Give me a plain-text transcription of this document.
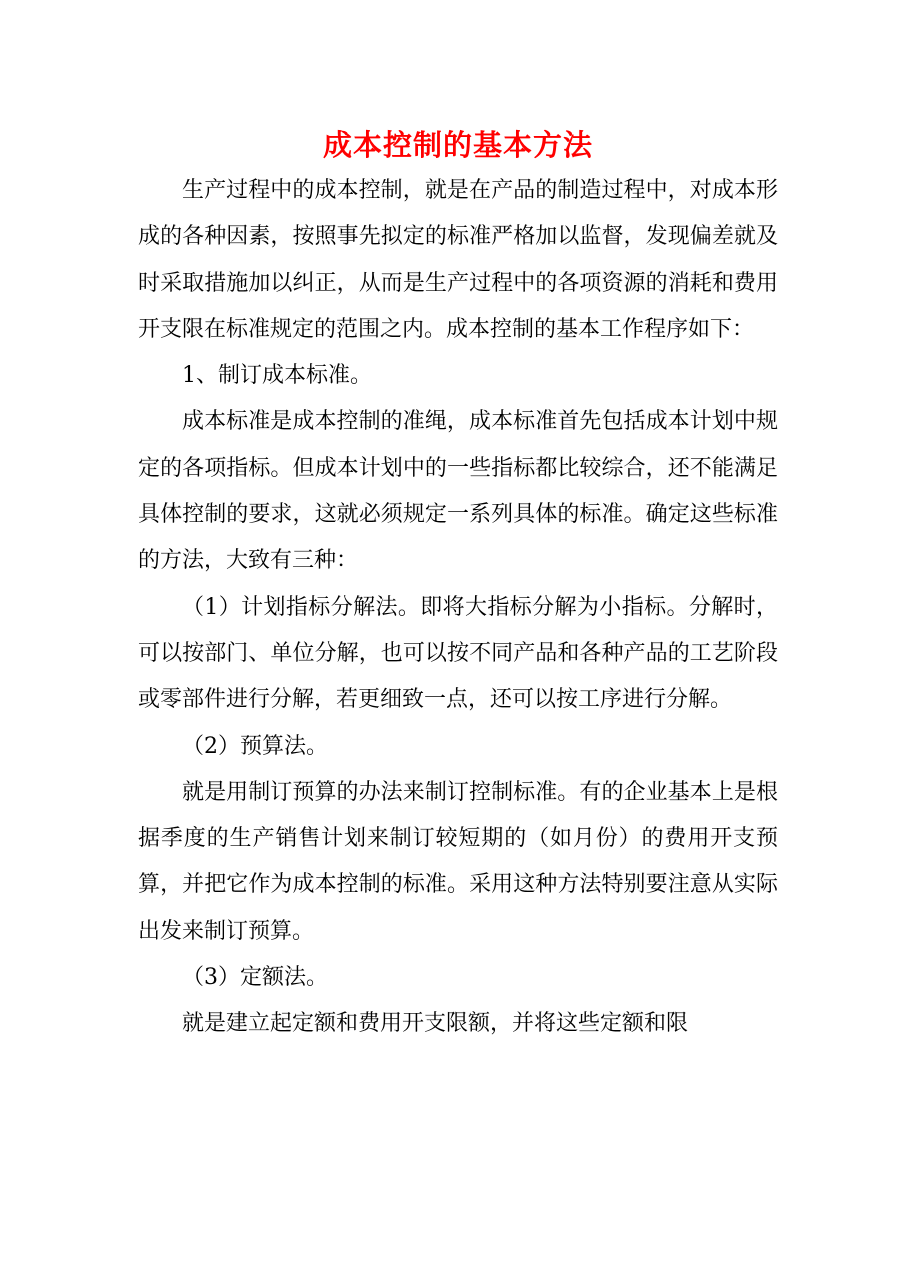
成本控制的基本方法

生产过程中的成本控制，就是在产品的制造过程中，对成本形成的各种因素，按照事先拟定的标准严格加以监督，发现偏差就及时采取措施加以纠正，从而是生产过程中的各项资源的消耗和费用开支限在标准规定的范围之内。成本控制的基本工作程序如下：

1、制订成本标准。

成本标准是成本控制的准绳，成本标准首先包括成本计划中规定的各项指标。但成本计划中的一些指标都比较综合，还不能满足具体控制的要求，这就必须规定一系列具体的标准。确定这些标准的方法，大致有三种：

（1）计划指标分解法。即将大指标分解为小指标。分解时，可以按部门、单位分解，也可以按不同产品和各种产品的工艺阶段或零部件进行分解，若更细致一点，还可以按工序进行分解。

（2）预算法。

就是用制订预算的办法来制订控制标准。有的企业基本上是根据季度的生产销售计划来制订较短期的（如月份）的费用开支预算，并把它作为成本控制的标准。采用这种方法特别要注意从实际出发来制订预算。

（3）定额法。

就是建立起定额和费用开支限额，并将这些定额和限
